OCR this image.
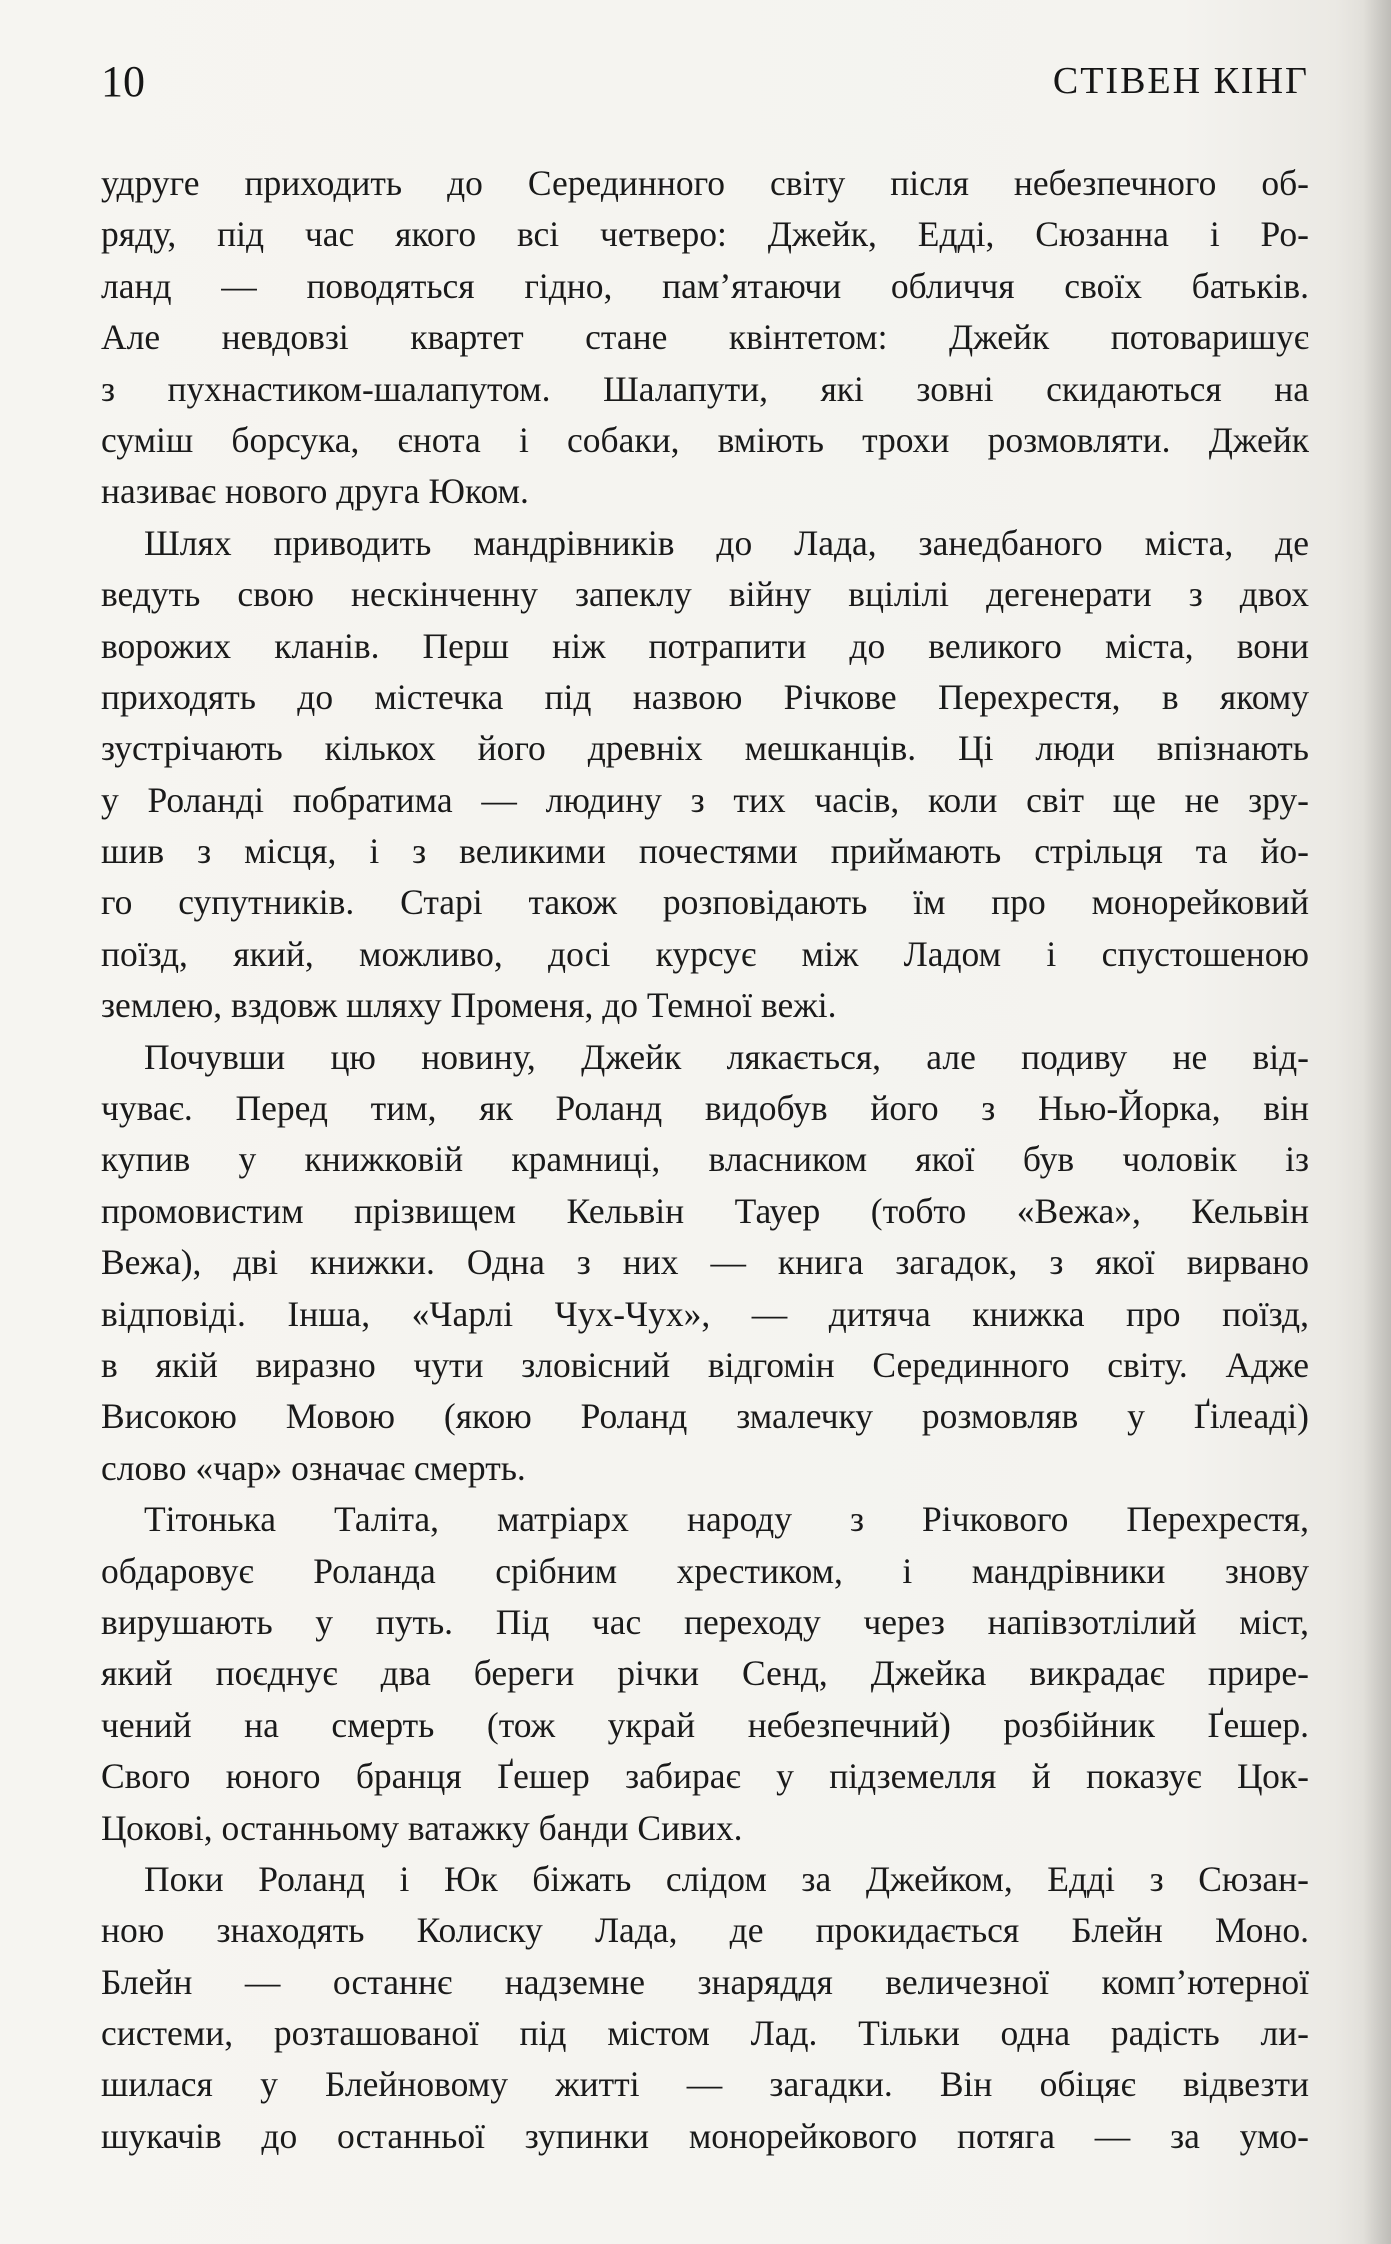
10	СТІВЕН КІНГ

удруге приходить до Серединного світу після небезпечного об-
ряду, під час якого всі четверо: Джейк, Едді, Сюзанна і Ро-
ланд — поводяться гідно, пам’ятаючи обличчя своїх батьків.
Але невдовзі квартет стане квінтетом: Джейк потоваришує
з пухнастиком-шалапутом. Шалапути, які зовні скидаються на
суміш борсука, єнота і собаки, вміють трохи розмовляти. Джейк
називає нового друга Юком.

Шлях приводить мандрівників до Лада, занедбаного міста, де
ведуть свою нескінченну запеклу війну вцілілі дегенерати з двох
ворожих кланів. Перш ніж потрапити до великого міста, вони
приходять до містечка під назвою Річкове Перехрестя, в якому
зустрічають кількох його древніх мешканців. Ці люди впізнають
у Роланді побратима — людину з тих часів, коли світ ще не зру-
шив з місця, і з великими почестями приймають стрільця та йо-
го супутників. Старі також розповідають їм про монорейковий
поїзд, який, можливо, досі курсує між Ладом і спустошеною
землею, вздовж шляху Променя, до Темної вежі.

Почувши цю новину, Джейк лякається, але подиву не від-
чуває. Перед тим, як Роланд видобув його з Нью-Йорка, він
купив у книжковій крамниці, власником якої був чоловік із
промовистим прізвищем Кельвін Тауер (тобто «Вежа», Кельвін
Вежа), дві книжки. Одна з них — книга загадок, з якої вирвано
відповіді. Інша, «Чарлі Чух-Чух», — дитяча книжка про поїзд,
в якій виразно чути зловісний відгомін Серединного світу. Адже
Високою Мовою (якою Роланд змалечку розмовляв у Ґілеаді)
слово «чар» означає смерть.

Тітонька Таліта, матріарх народу з Річкового Перехрестя,
обдаровує Роланда срібним хрестиком, і мандрівники знову
вирушають у путь. Під час переходу через напівзотлілий міст,
який поєднує два береги річки Сенд, Джейка викрадає прире-
чений на смерть (тож украй небезпечний) розбійник Ґешер.
Свого юного бранця Ґешер забирає у підземелля й показує Цок-
Цокові, останньому ватажку банди Сивих.

Поки Роланд і Юк біжать слідом за Джейком, Едді з Сюзан-
ною знаходять Колиску Лада, де прокидається Блейн Моно.
Блейн — останнє надземне знаряддя величезної комп’ютерної
системи, розташованої під містом Лад. Тільки одна радість ли-
шилася у Блейновому житті — загадки. Він обіцяє відвезти
шукачів до останньої зупинки монорейкового потяга — за умо-
